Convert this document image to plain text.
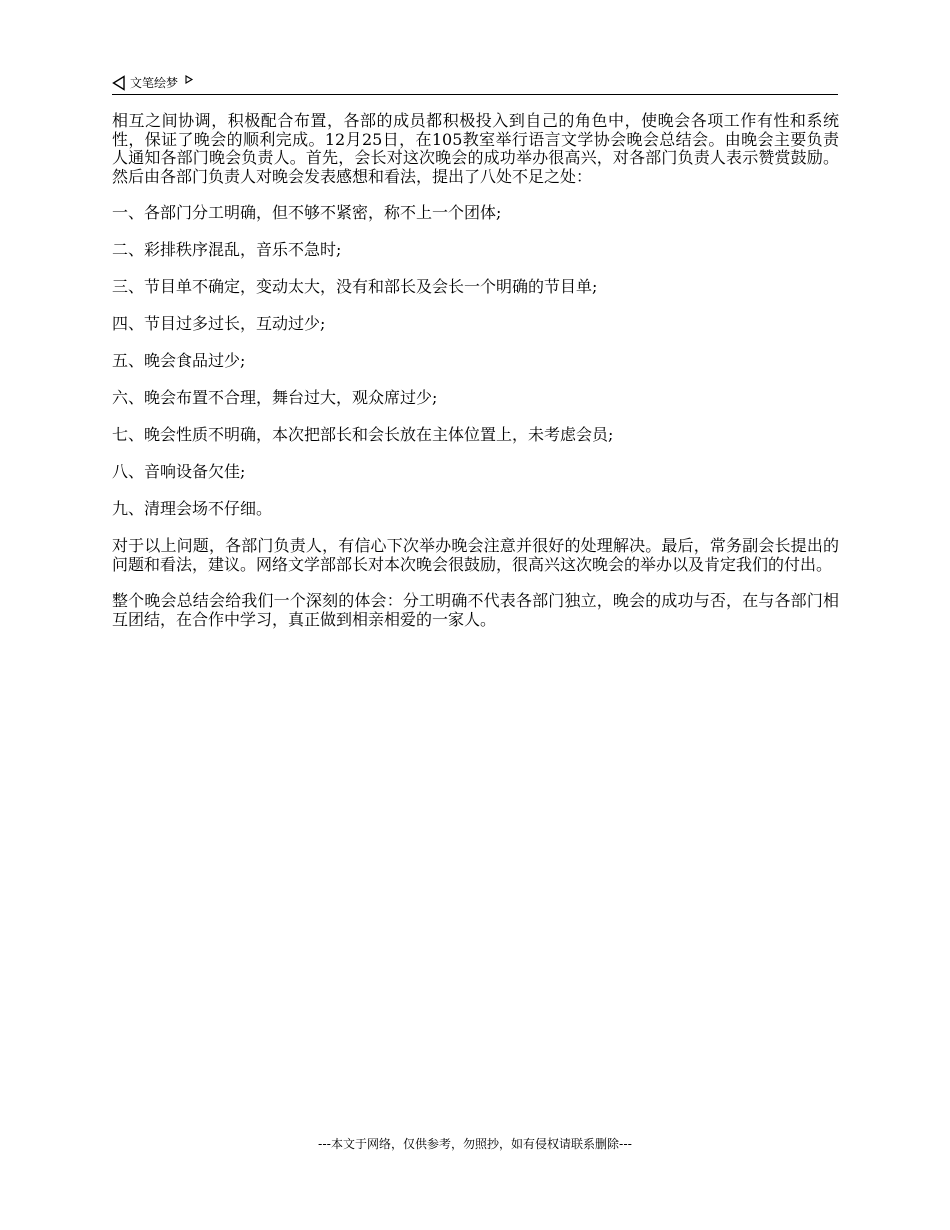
文笔绘梦

相互之间协调，积极配合布置，各部的成员都积极投入到自己的角色中，使晚会各项工作有性和系统性，保证了晚会的顺利完成。12月25日，在105教室举行语言文学协会晚会总结会。由晚会主要负责人通知各部门晚会负责人。首先，会长对这次晚会的成功举办很高兴，对各部门负责人表示赞赏鼓励。然后由各部门负责人对晚会发表感想和看法，提出了八处不足之处：

一、各部门分工明确，但不够不紧密，称不上一个团体;

二、彩排秩序混乱，音乐不急时;

三、节目单不确定，变动太大，没有和部长及会长一个明确的节目单;

四、节目过多过长，互动过少;

五、晚会食品过少;

六、晚会布置不合理，舞台过大，观众席过少;

七、晚会性质不明确，本次把部长和会长放在主体位置上，未考虑会员;

八、音响设备欠佳;

九、清理会场不仔细。

对于以上问题，各部门负责人，有信心下次举办晚会注意并很好的处理解决。最后，常务副会长提出的问题和看法，建议。网络文学部部长对本次晚会很鼓励，很高兴这次晚会的举办以及肯定我们的付出。

整个晚会总结会给我们一个深刻的体会：分工明确不代表各部门独立，晚会的成功与否，在与各部门相互团结，在合作中学习，真正做到相亲相爱的一家人。

---本文于网络，仅供参考，勿照抄，如有侵权请联系删除---
